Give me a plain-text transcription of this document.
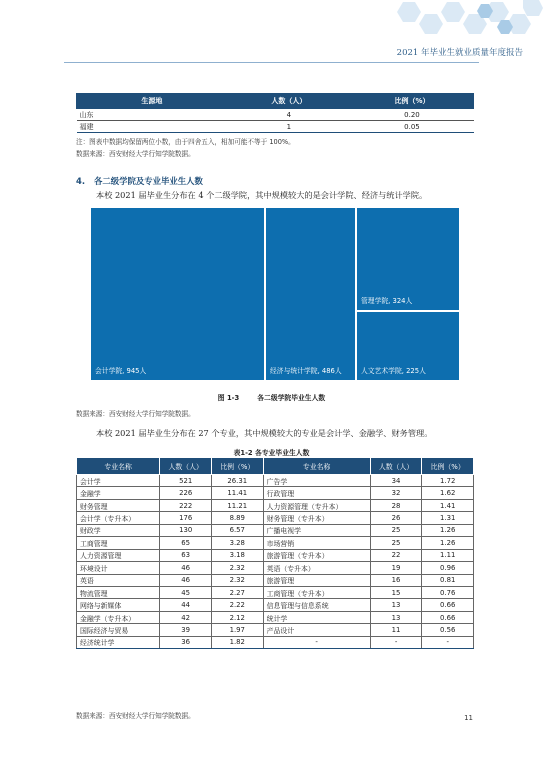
2021 年毕业生就业质量年度报告
生源地	人数（人）	比例（%）
山东	4	0.20
福建	1	0.05
注：图表中数据均保留两位小数，由于四舍五入，相加可能不等于 100%。
数据来源：西安财经大学行知学院数据。
4. 各二级学院及专业毕业生人数
本校 2021 届毕业生分布在 4 个二级学院，其中规模较大的是会计学院、经济与统计学院。
会计学院, 945人	经济与统计学院, 486人
管理学院, 324人
人文艺术学院, 225人
图 1-3	各二级学院毕业生人数
数据来源：西安财经大学行知学院数据。
本校 2021 届毕业生分布在 27 个专业，其中规模较大的专业是会计学、金融学、财务管理。
表1-2 各专业毕业生人数
专业名称	人数（人）	比例（%）	专业名称	人数（人）	比例（%）
会计学	521	26.31	广告学	34	1.72
金融学	226	11.41	行政管理	32	1.62
财务管理	222	11.21	人力资源管理（专升本）	28	1.41
会计学（专升本）	176	8.89	财务管理（专升本）	26	1.31
财政学	130	6.57	广播电视学	25	1.26
工商管理	65	3.28	市场营销	25	1.26
人力资源管理	63	3.18	旅游管理（专升本）	22	1.11
环境设计	46	2.32	英语（专升本）	19	0.96
英语	46	2.32	旅游管理	16	0.81
物流管理	45	2.27	工商管理（专升本）	15	0.76
网络与新媒体	44	2.22	信息管理与信息系统	13	0.66
金融学（专升本）	42	2.12	统计学	13	0.66
国际经济与贸易	39	1.97	产品设计	11	0.56
经济统计学	36	1.82	-	-	-
数据来源：西安财经大学行知学院数据。	11
